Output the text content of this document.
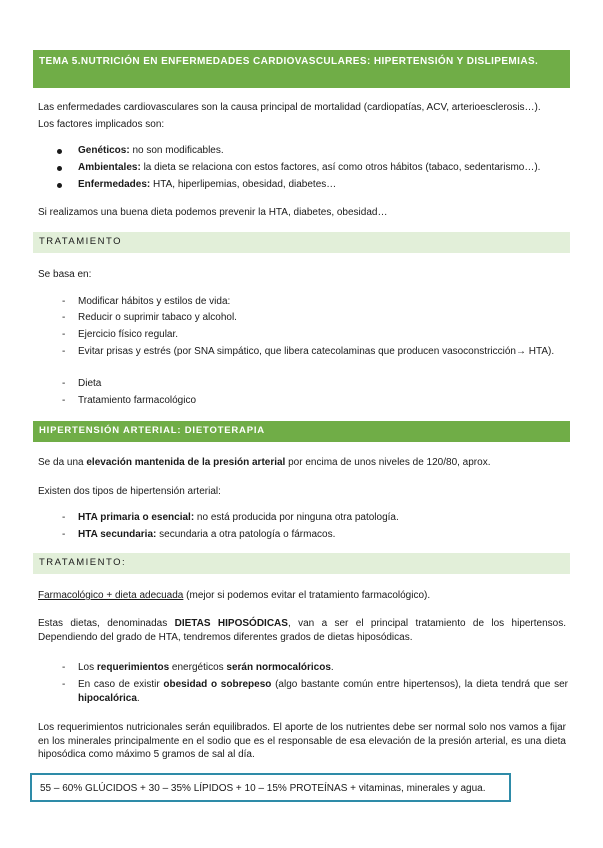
TEMA 5.NUTRICIÓN EN ENFERMEDADES CARDIOVASCULARES: HIPERTENSIÓN Y DISLIPEMIAS.
Las enfermedades cardiovasculares son la causa principal de mortalidad (cardiopatías, ACV, arterioesclerosis…).
Los factores implicados son:
Genéticos: no son modificables.
Ambientales: la dieta se relaciona con estos factores, así como otros hábitos (tabaco, sedentarismo…).
Enfermedades: HTA, hiperlipemias, obesidad, diabetes…
Si realizamos una buena dieta podemos prevenir la HTA, diabetes, obesidad…
TRATAMIENTO
Se basa en:
- Modificar hábitos y estilos de vida:
- Reducir o suprimir tabaco y alcohol.
- Ejercicio físico regular.
- Evitar prisas y estrés (por SNA simpático, que libera catecolaminas que producen vasoconstricción→ HTA).
- Dieta
- Tratamiento farmacológico
HIPERTENSIÓN ARTERIAL: DIETOTERAPIA
Se da una elevación mantenida de la presión arterial por encima de unos niveles de 120/80, aprox.
Existen dos tipos de hipertensión arterial:
- HTA primaria o esencial: no está producida por ninguna otra patología.
- HTA secundaria: secundaria a otra patología o fármacos.
TRATAMIENTO:
Farmacológico + dieta adecuada (mejor si podemos evitar el tratamiento farmacológico).
Estas dietas, denominadas DIETAS HIPOSÓDICAS, van a ser el principal tratamiento de los hipertensos. Dependiendo del grado de HTA, tendremos diferentes grados de dietas hiposódicas.
- Los requerimientos energéticos serán normocalóricos.
- En caso de existir obesidad o sobrepeso (algo bastante común entre hipertensos), la dieta tendrá que ser hipocalórica.
Los requerimientos nutricionales serán equilibrados. El aporte de los nutrientes debe ser normal solo nos vamos a fijar en los minerales principalmente en el sodio que es el responsable de esa elevación de la presión arterial, es una dieta hiposódica como máximo 5 gramos de sal al día.
55 – 60% GLÚCIDOS + 30 – 35% LÍPIDOS + 10 – 15% PROTEÍNAS + vitaminas, minerales y agua.
